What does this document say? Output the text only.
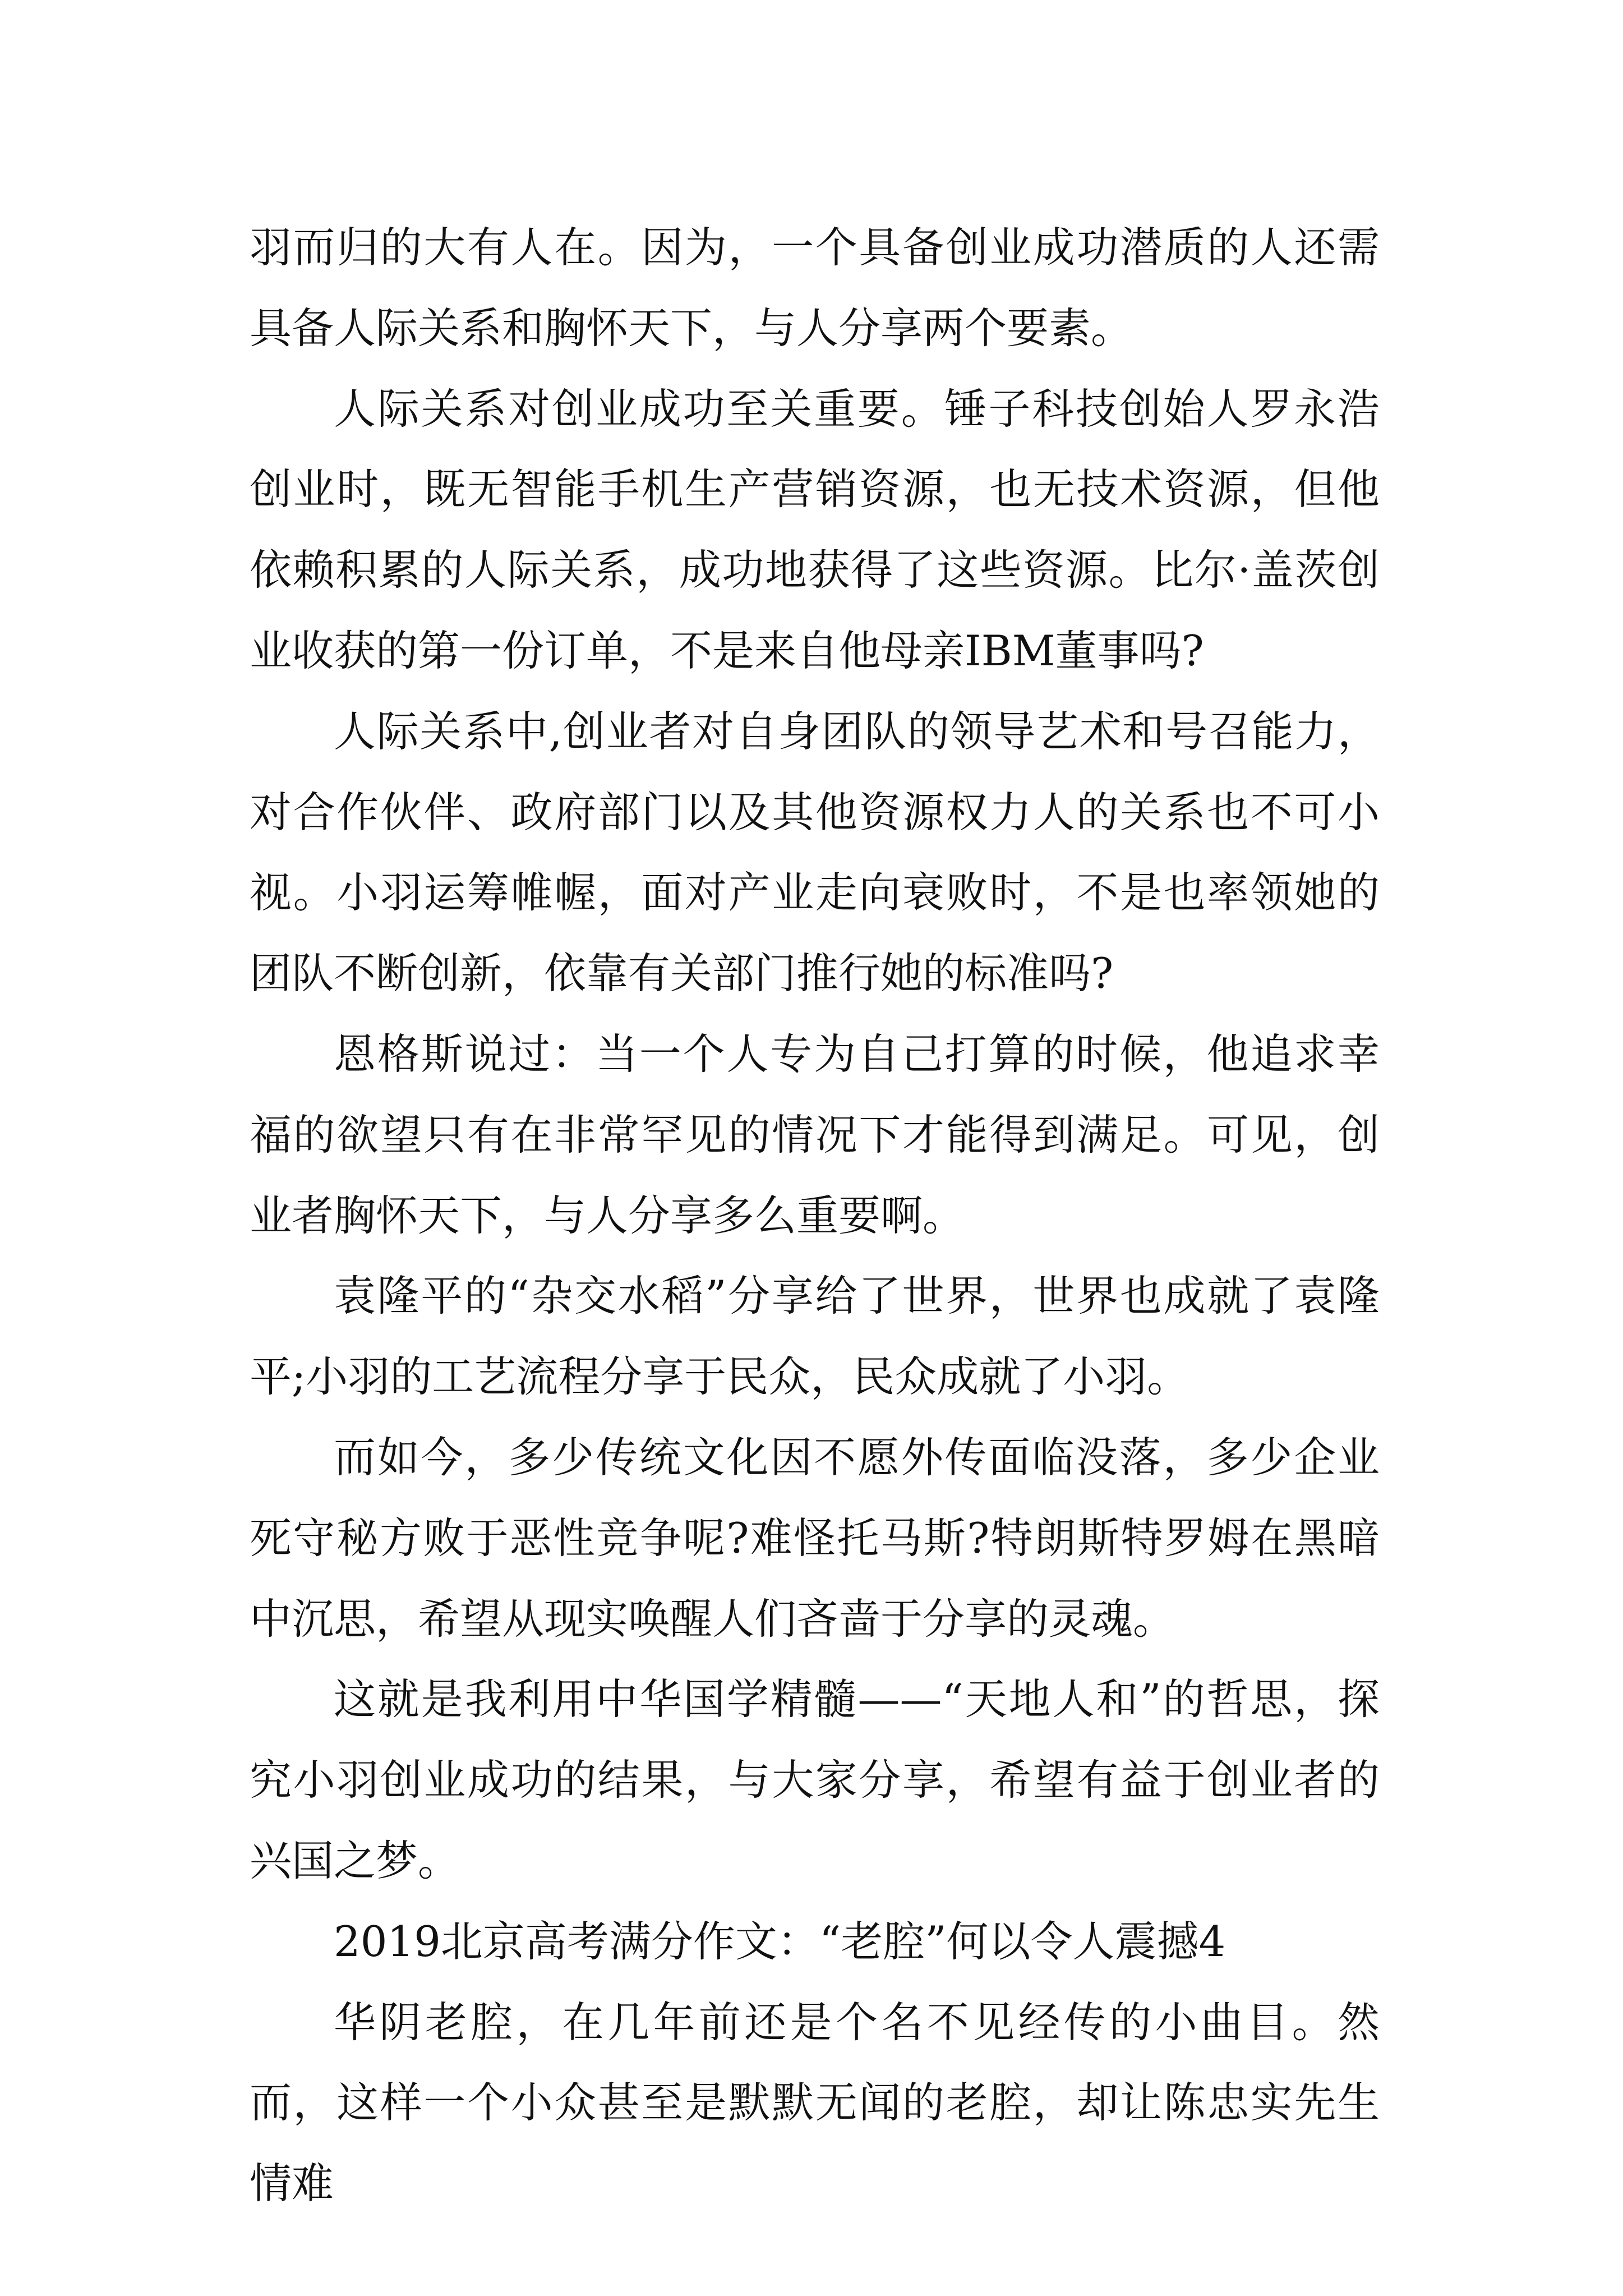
羽而归的大有人在。因为，一个具备创业成功潜质的人还需具备人际关系和胸怀天下，与人分享两个要素。

人际关系对创业成功至关重要。锤子科技创始人罗永浩创业时，既无智能手机生产营销资源，也无技术资源，但他依赖积累的人际关系，成功地获得了这些资源。比尔·盖茨创业收获的第一份订单，不是来自他母亲IBM董事吗?

人际关系中,创业者对自身团队的领导艺术和号召能力，对合作伙伴、政府部门以及其他资源权力人的关系也不可小视。小羽运筹帷幄，面对产业走向衰败时，不是也率领她的团队不断创新，依靠有关部门推行她的标准吗?

恩格斯说过：当一个人专为自己打算的时候，他追求幸福的欲望只有在非常罕见的情况下才能得到满足。可见，创业者胸怀天下，与人分享多么重要啊。

袁隆平的“杂交水稻”分享给了世界，世界也成就了袁隆平;小羽的工艺流程分享于民众，民众成就了小羽。

而如今，多少传统文化因不愿外传面临没落，多少企业死守秘方败于恶性竞争呢?难怪托马斯?特朗斯特罗姆在黑暗中沉思，希望从现实唤醒人们吝啬于分享的灵魂。

这就是我利用中华国学精髓——“天地人和”的哲思，探究小羽创业成功的结果，与大家分享，希望有益于创业者的兴国之梦。

2019北京高考满分作文：“老腔”何以令人震撼4

华阴老腔，在几年前还是个名不见经传的小曲目。然而，这样一个小众甚至是默默无闻的老腔，却让陈忠实先生情难
